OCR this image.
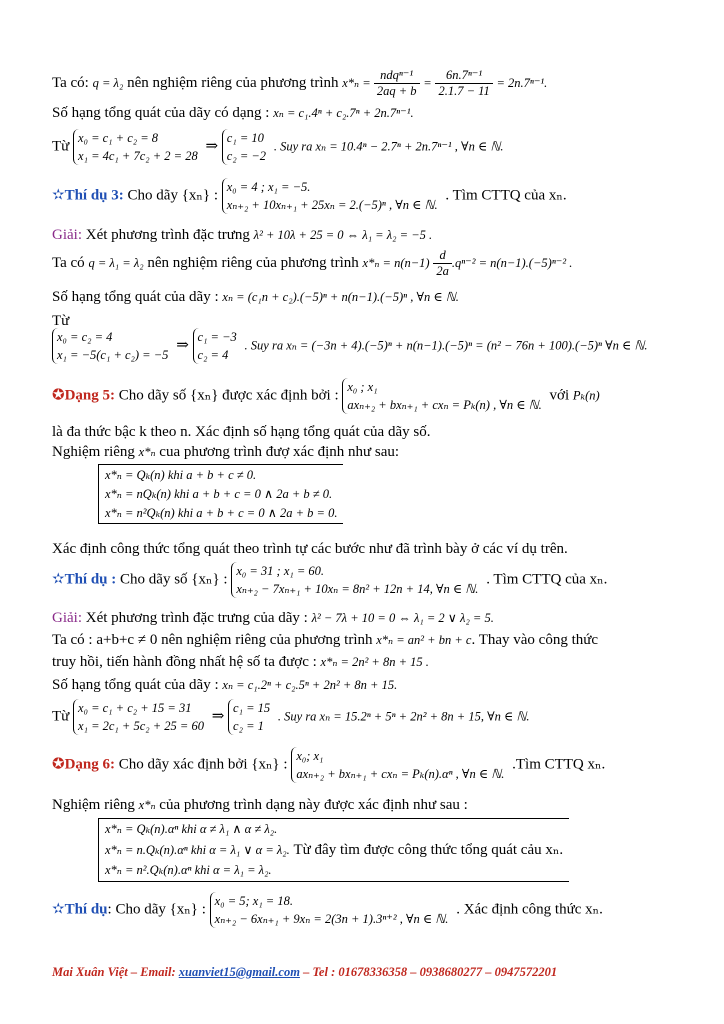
Ta có: q = λ₂ nên nghiệm riêng của phương trình $x*_n = \frac{\text{ndqⁿ⁻¹}}{2aq + b} = \frac{\text{6n.7ⁿ⁻¹}}{2.1.7 - 11} = 2n.7^{n-1}$.
Số hạng tổng quát của dãy có dạng : xₙ = c₁.4ⁿ + c₂.7ⁿ + 2n.7ⁿ⁻¹.
Từ x₀ = c₁ + c₂ = 8
x₁ = 4c₁ + 7c₂ + 2 = 28 ⇒ c₁ = 10
c₂ = −2 . Suy ra xₙ = 10.4ⁿ − 2.7ⁿ + 2n.7ⁿ⁻¹ , ∀n ∈ ℕ.
✫Thí dụ 3: Cho dãy {xₙ} : x₀ = 4 ; x₁ = −5.
xₙ₊₂ + 10xₙ₊₁ + 25xₙ = 2.(−5)ⁿ , ∀n ∈ ℕ. . Tìm CTTQ của xₙ.
Giải: Xét phương trình đặc trưng λ² + 10λ + 25 = 0 ⇔ λ₁ = λ₂ = −5 .
Ta có q = λ₁ = λ₂ nên nghiệm riêng của phương trình $x*_n = n(n-1) \frac{d}{2a} .q^{n-2} = n(n-1).(-5)^{n-2}$ .
Số hạng tổng quát của dãy : xₙ = (c₁n + c₂).(−5)ⁿ + n(n−1).(−5)ⁿ , ∀n ∈ ℕ.
Từ
x₀ = c₂ = 4
x₁ = −5(c₁ + c₂) = −5 ⇒ c₁ = −3
c₂ = 4 . Suy ra xₙ = (−3n + 4).(−5)ⁿ + n(n−1).(−5)ⁿ = (n² − 76n + 100).(−5)ⁿ ∀n ∈ ℕ.
✪Dạng 5: Cho dãy số {xₙ} được xác định bởi : x₀ ; x₁
axₙ₊₂ + bxₙ₊₁ + cxₙ = Pₖ(n) , ∀n ∈ ℕ. với Pₖ(n)
là đa thức bậc k theo n. Xác định số hạng tổng quát của dãy số.
Nghiệm riêng x*ₙ cua phương trình đượ xác định như sau:
x*ₙ = Qₖ(n) khi a + b + c ≠ 0.
x*ₙ = nQₖ(n) khi a + b + c = 0 ∧ 2a + b ≠ 0.
x*ₙ = n²Qₖ(n) khi a + b + c = 0 ∧ 2a + b = 0.
Xác định công thức tổng quát theo trình tự các bước như đã trình bày ở các ví dụ trên.
✫Thí dụ : Cho dãy số {xₙ} : x₀ = 31 ; x₁ = 60.
xₙ₊₂ − 7xₙ₊₁ + 10xₙ = 8n² + 12n + 14, ∀n ∈ ℕ. . Tìm CTTQ của xₙ.
Giải: Xét phương trình đặc trưng của dãy : λ² − 7λ + 10 = 0 ⇔ λ₁ = 2 ∨ λ₂ = 5.
Ta có : a+b+c ≠ 0 nên nghiệm riêng của phương trình x*ₙ = an² + bn + c. Thay vào công thức
truy hồi, tiến hành đồng nhất hệ số ta được : x*ₙ = 2n² + 8n + 15 .
Số hạng tổng quát của dãy : xₙ = c₁.2ⁿ + c₂.5ⁿ + 2n² + 8n + 15.
Từ x₀ = c₁ + c₂ + 15 = 31
x₁ = 2c₁ + 5c₂ + 25 = 60 ⇒ c₁ = 15
c₂ = 1 . Suy ra xₙ = 15.2ⁿ + 5ⁿ + 2n² + 8n + 15, ∀n ∈ ℕ.
✪Dạng 6: Cho dãy xác định bởi {xₙ} : x₀; x₁
axₙ₊₂ + bxₙ₊₁ + cxₙ = Pₖ(n).αⁿ , ∀n ∈ ℕ. .Tìm CTTQ xₙ.
Nghiệm riêng x*ₙ của phương trình dạng này được xác định như sau :
x*ₙ = Qₖ(n).αⁿ khi α ≠ λ₁ ∧ α ≠ λ₂.
x*ₙ = n.Qₖ(n).αⁿ khi α = λ₁ ∨ α = λ₂. Từ đây tìm được công thức tổng quát cảu xₙ.
x*ₙ = n².Qₖ(n).αⁿ khi α = λ₁ = λ₂.
✫Thí dụ: Cho dãy {xₙ} : x₀ = 5; x₁ = 18.
xₙ₊₂ − 6xₙ₊₁ + 9xₙ = 2(3n + 1).3ⁿ⁺² , ∀n ∈ ℕ. . Xác định công thức xₙ.
Mai Xuân Việt – Email: xuanviet15@gmail.com – Tel : 01678336358 – 0938680277 – 0947572201
